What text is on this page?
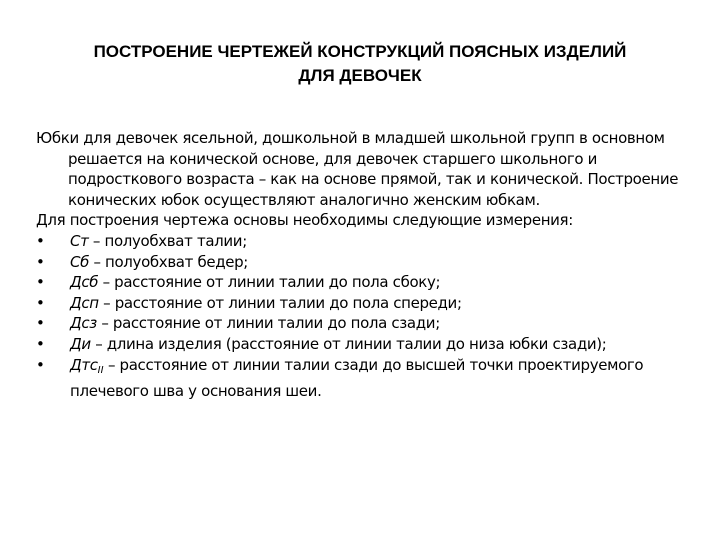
ПОСТРОЕНИЕ ЧЕРТЕЖЕЙ КОНСТРУКЦИЙ ПОЯСНЫХ ИЗДЕЛИЙ
ДЛЯ ДЕВОЧЕК

Юбки для девочек ясельной, дошкольной в младшей школьной групп в основном решается на конической основе, для девочек старшего школьного и подросткового возраста – как на основе прямой, так и конической. Построение конических юбок осуществляют аналогично женским юбкам.

Для построения чертежа основы необходимы следующие измерения:

• Ст – полуобхват талии;
• Сб – полуобхват бедер;
• Дсб – расстояние от линии талии до пола сбоку;
• Дсп – расстояние от линии талии до пола спереди;
• Дсз – расстояние от линии талии до пола сзади;
• Ди – длина изделия (расстояние от линии талии до низа юбки сзади);
• Дтс$_{II}$ – расстояние от линии талии сзади до высшей точки проектируемого плечевого шва у основания шеи.
